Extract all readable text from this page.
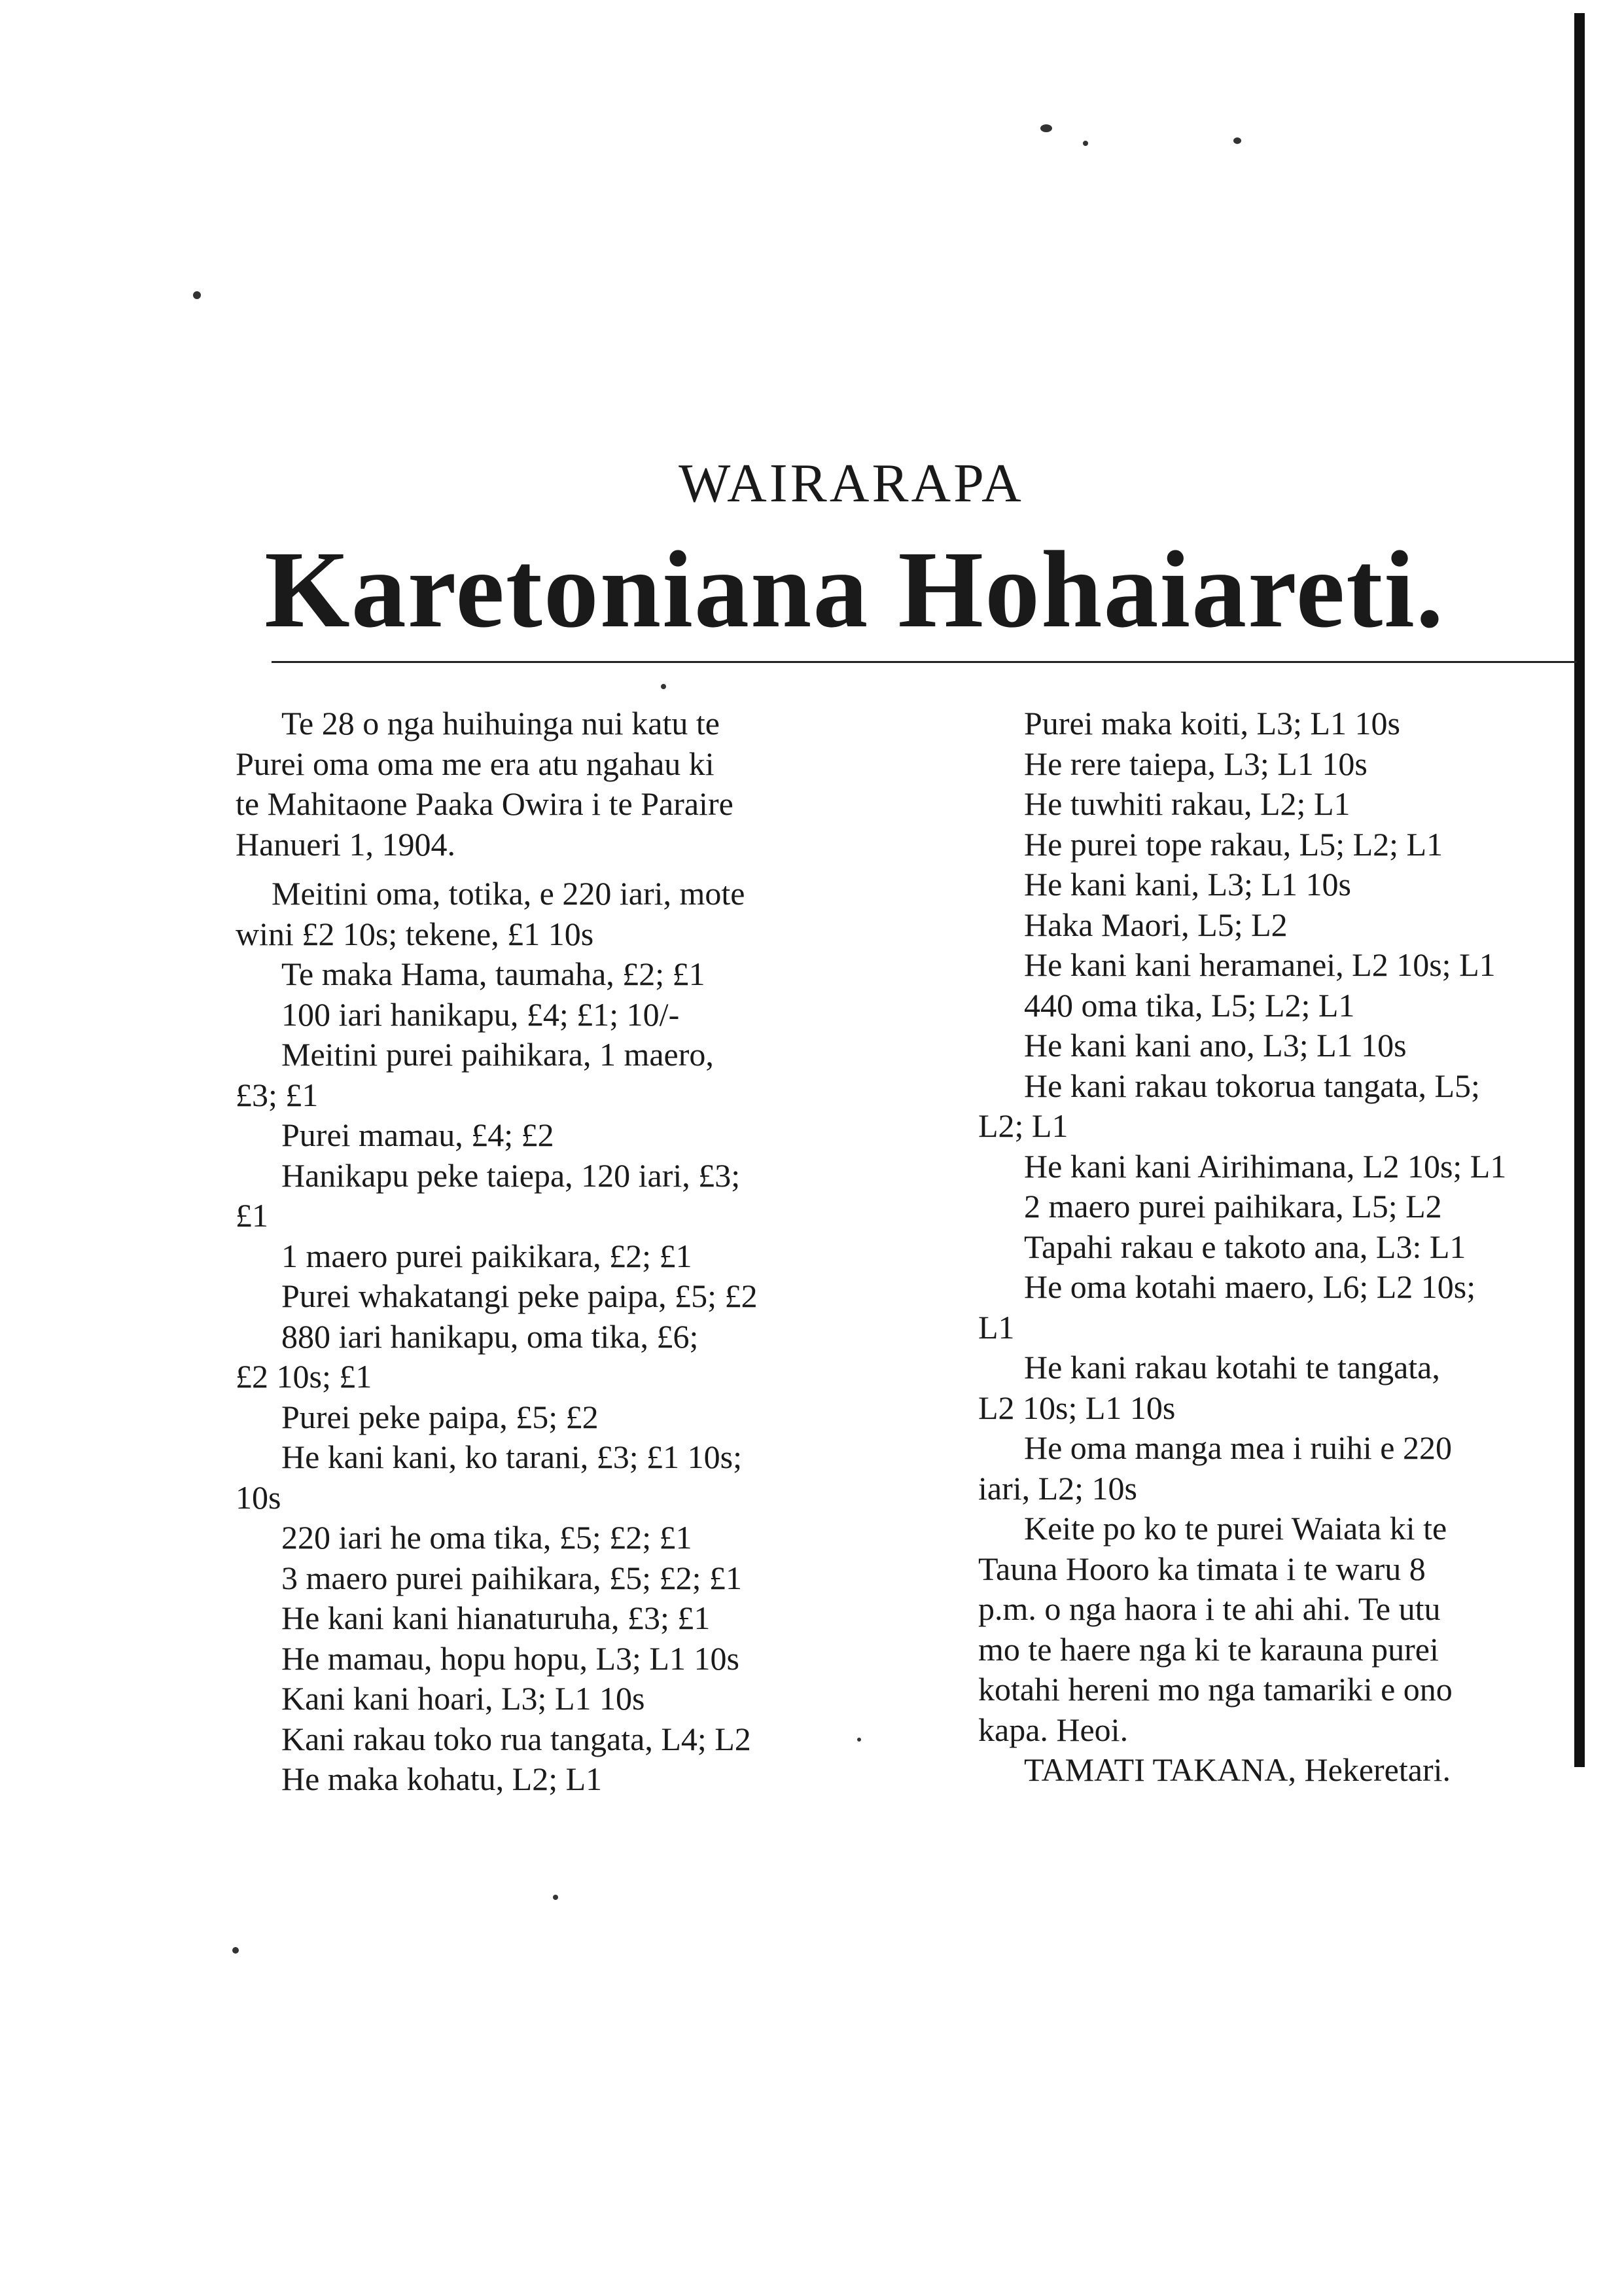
WAIRARAPA
Karetoniana Hohaiareti.

Te 28 o nga huihuinga nui katu te

Purei oma oma me era atu ngahau ki

te Mahitaone Paaka Owira i te Paraire

Hanueri 1, 1904.

Meitini oma, totika, e 220 iari, mote

wini £2 10s; tekene, £1 10s

Te maka Hama, taumaha, £2; £1

100 iari hanikapu, £4; £1; 10/-

Meitini purei paihikara, 1 maero,

£3; £1

Purei mamau, £4; £2

Hanikapu peke taiepa, 120 iari, £3;

£1

1 maero purei paikikara, £2; £1

Purei whakatangi peke paipa, £5; £2

880 iari hanikapu, oma tika, £6;

£2 10s; £1

Purei peke paipa, £5; £2

He kani kani, ko tarani, £3; £1 10s;

10s

220 iari he oma tika, £5; £2; £1

3 maero purei paihikara, £5; £2; £1

He kani kani hianaturuha, £3; £1

He mamau, hopu hopu, L3; L1 10s

Kani kani hoari, L3; L1 10s

Kani rakau toko rua tangata, L4; L2

He maka kohatu, L2; L1

Purei maka koiti, L3; L1 10s

He rere taiepa, L3; L1 10s

He tuwhiti rakau, L2; L1

He purei tope rakau, L5; L2; L1

He kani kani, L3; L1 10s

Haka Maori, L5; L2

He kani kani heramanei, L2 10s; L1

440 oma tika, L5; L2; L1

He kani kani ano, L3; L1 10s

He kani rakau tokorua tangata, L5;

L2; L1

He kani kani Airihimana, L2 10s; L1

2 maero purei paihikara, L5; L2

Tapahi rakau e takoto ana, L3: L1

He oma kotahi maero, L6; L2 10s;

L1

He kani rakau kotahi te tangata,

L2 10s; L1 10s

He oma manga mea i ruihi e 220

iari, L2; 10s

Keite po ko te purei Waiata ki te

Tauna Hooro ka timata i te waru 8

p.m. o nga haora i te ahi ahi. Te utu

mo te haere nga ki te karauna purei

kotahi hereni mo nga tamariki e ono

kapa. Heoi.

TAMATI TAKANA, Hekeretari.
